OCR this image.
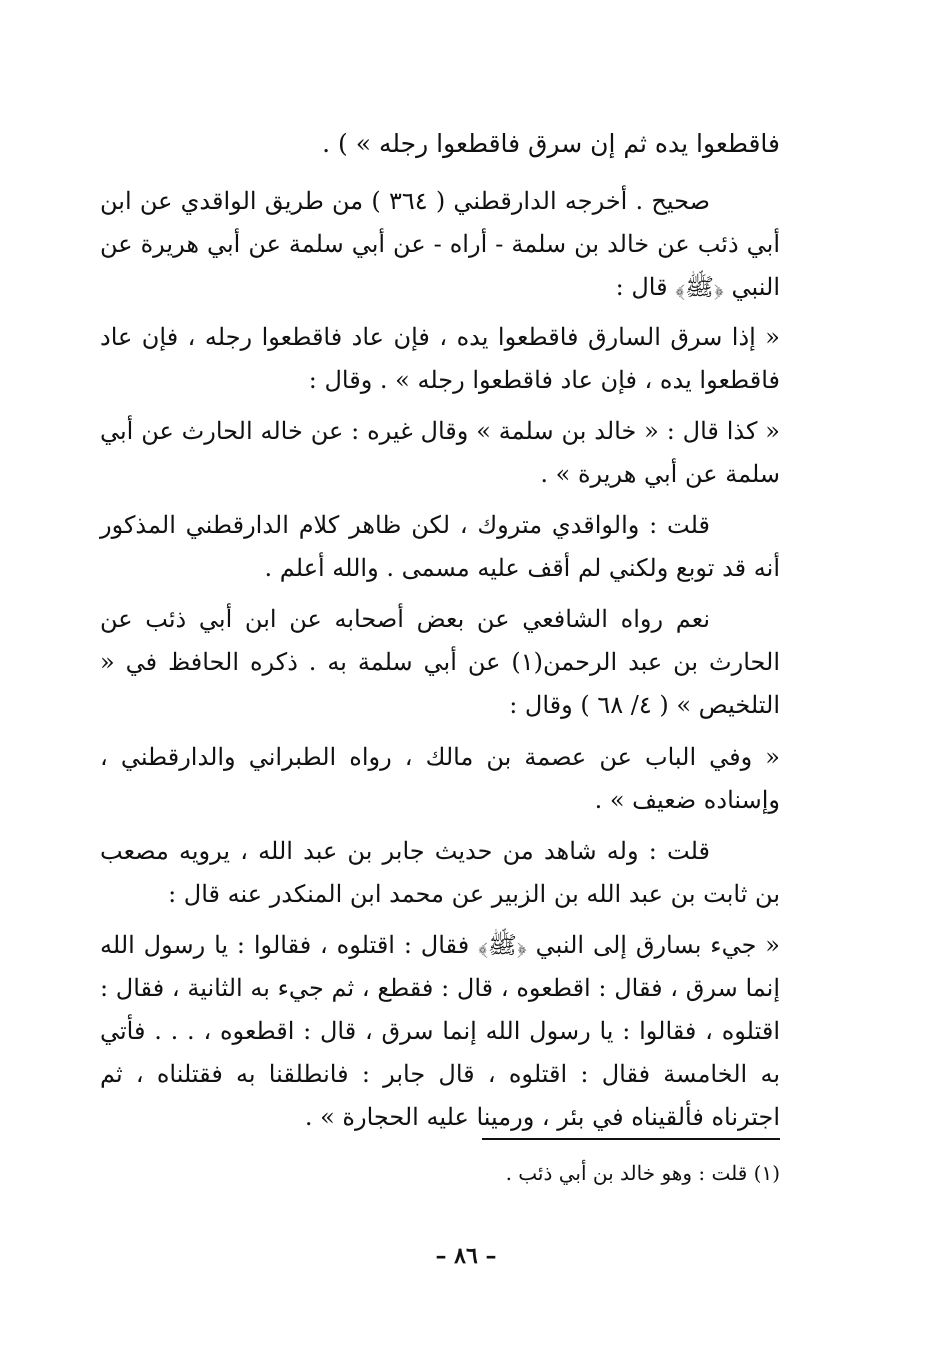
فاقطعوا يده ثم إن سرق فاقطعوا رجله » ) .

صحيح . أخرجه الدارقطني ( ٣٦٤ ) من طريق الواقدي عن ابن أبي ذئب عن خالد بن سلمة - أراه - عن أبي سلمة عن أبي هريرة عن النبي ﴿ﷺ﴾ قال :

« إذا سرق السارق فاقطعوا يده ، فإن عاد فاقطعوا رجله ، فإن عاد فاقطعوا يده ، فإن عاد فاقطعوا رجله » . وقال :

« كذا قال : « خالد بن سلمة » وقال غيره : عن خاله الحارث عن أبي سلمة عن أبي هريرة » .

قلت : والواقدي متروك ، لكن ظاهر كلام الدارقطني المذكور أنه قد توبع ولكني لم أقف عليه مسمى . والله أعلم .

نعم رواه الشافعي عن بعض أصحابه عن ابن أبي ذئب عن الحارث بن عبد الرحمن(١) عن أبي سلمة به . ذكره الحافظ في « التلخيص » ( ٤/ ٦٨ ) وقال :

« وفي الباب عن عصمة بن مالك ، رواه الطبراني والدارقطني ، وإسناده ضعيف » .

قلت : وله شاهد من حديث جابر بن عبد الله ، يرويه مصعب بن ثابت بن عبد الله بن الزبير عن محمد ابن المنكدر عنه قال :

« جيء بسارق إلى النبي ﴿ﷺ﴾ فقال : اقتلوه ، فقالوا : يا رسول الله إنما سرق ، فقال : اقطعوه ، قال : فقطع ، ثم جيء به الثانية ، فقال : اقتلوه ، فقالوا : يا رسول الله إنما سرق ، قال : اقطعوه ، . . . فأتي به الخامسة فقال : اقتلوه ، قال جابر : فانطلقنا به فقتلناه ، ثم اجترناه فألقيناه في بئر ، ورمينا عليه الحجارة » .

(١) قلت : وهو خالد بن أبي ذئب .

– ٨٦ –
